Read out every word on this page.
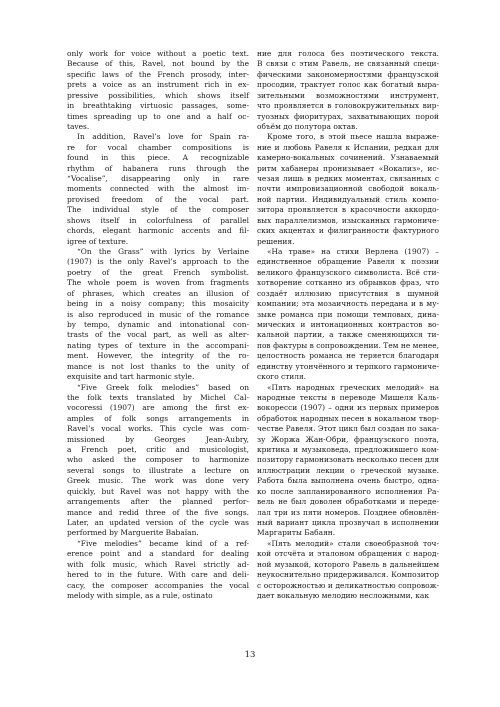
only work for voice without a poetic text.
Because of this, Ravel, not bound by the
specific laws of the French prosody, inter-
prets a voice as an instrument rich in ex-
pressive possibilities, which shows itself
in breathtaking virtuosic passages, some-
times spreading up to one and a half oc-
taves.
In addition, Ravel’s love for Spain ra-
re for vocal chamber compositions is
found in this piece. A recognizable
rhythm of habanera runs through the
“Vocalise”, disappearing only in rare
moments connected with the almost im-
provised freedom of the vocal part.
The individual style of the composer
shows itself in colorfulness of parallel
chords, elegant harmonic accents and fil-
igree of texture.
“On the Grass” with lyrics by Verlaine
(1907) is the only Ravel’s approach to the
poetry of the great French symbolist.
The whole poem is woven from fragments
of phrases, which creates an illusion of
being in a noisy company; this mosaicity
is also reproduced in music of the romance
by tempo, dynamic and intonational con-
trasts of the vocal part, as well as alter-
nating types of texture in the accompani-
ment. However, the integrity of the ro-
mance is not lost thanks to the unity of
exquisite and tart harmonic style.
“Five Greek folk melodies” based on
the folk texts translated by Michel Cal-
vocoressi (1907) are among the first ex-
amples of folk songs arrangements in
Ravel’s vocal works. This cycle was com-
missioned by Georges Jean-Aubry,
a French poet, critic and musicologist,
who asked the composer to harmonize
several songs to illustrate a lecture on
Greek music. The work was done very
quickly, but Ravel was not happy with the
arrangements after the planned perfor-
mance and redid three of the five songs.
Later, an updated version of the cycle was
performed by Marguerite Babaïan.
“Five melodies” became kind of a ref-
erence point and a standard for dealing
with folk music, which Ravel strictly ad-
hered to in the future. With care and deli-
cacy, the composer accompanies the vocal
melody with simple, as a rule, ostinato

ние для голоса без поэтического текста.
В связи с этим Равель, не связанный специ-
фическими закономерностями французской
просодии, трактует голос как богатый выра-
зительными возможностями инструмент,
что проявляется в головокружительных вир-
туозных фиоритурах, захватывающих порой
объём до полутора октав.
Кроме того, в этой пьесе нашла выраже-
ние и любовь Равеля к Испании, редкая для
камерно-вокальных сочинений. Узнаваемый
ритм хабанеры пронизывает «Вокализ», ис-
чезая лишь в редких моментах, связанных с
почти импровизационной свободой вокаль-
ной партии. Индивидуальный стиль компо-
зитора проявляется в красочности аккордо-
вых параллелизмов, изысканных гармониче-
ских акцентах и филигранности фактурного
решения.
«На траве» на стихи Верлена (1907) –
единственное обращение Равеля к поэзии
великого французского символиста. Всё сти-
хотворение сотканно из обрывков фраз, что
создаёт иллюзию присутствия в шумной
компании; эта мозаичность передана и в му-
зыке романса при помощи темповых, дина-
мических и интонационных контрастов во-
кальной партии, а также сменяющихся ти-
пов фактуры в сопровождении. Тем не менее,
целостность романса не теряется благодаря
единству утончённого и терпкого гармониче-
ского стиля.
«Пять народных греческих мелодий» на
народные тексты в переводе Мишеля Каль-
вокоресси (1907) – одни из первых примеров
обработок народных песен в вокальном твор-
честве Равеля. Этот цикл был создан по зака-
зу Жоржа Жан-Обри, французского поэта,
критика и музыковеда, предложившего ком-
позитору гармонизовать несколько песен для
иллюстрации лекции о греческой музыке.
Работа была выполнена очень быстро, одна-
ко после запланированного исполнения Ра-
вель не был доволен обработками и переде-
лал три из пяти номеров. Позднее обновлён-
ный вариант цикла прозвучал в исполнении
Маргариты Бабаян.
«Пять мелодий» стали своеобразной точ-
кой отсчёта и эталоном обращения с народ-
ной музыкой, которого Равель в дальнейшем
неукоснительно придерживался. Композитор
с осторожностью и деликатностью сопровож-
дает вокальную мелодию несложными, как

13
